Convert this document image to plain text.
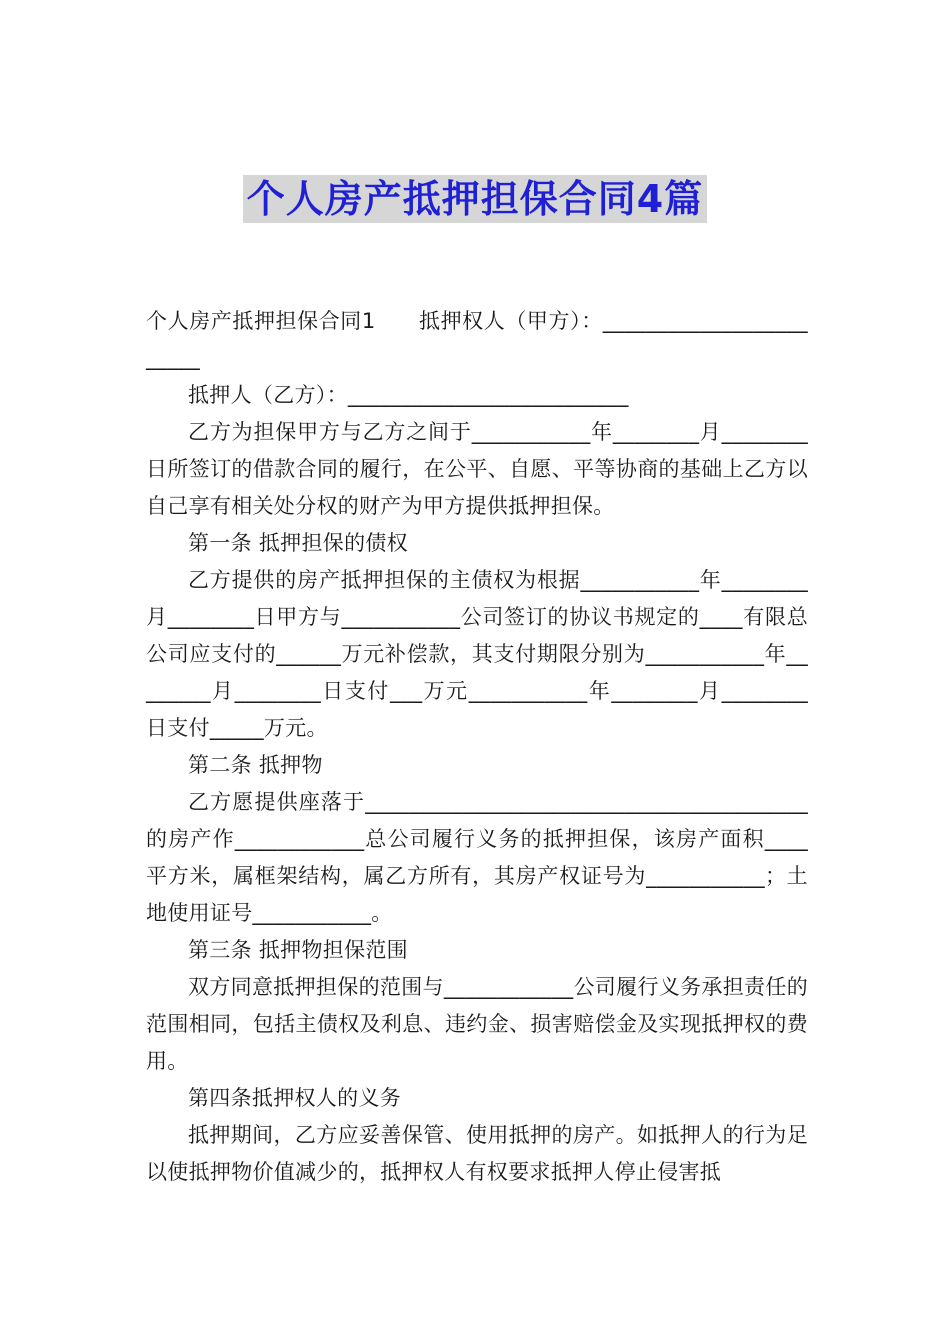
个人房产抵押担保合同4篇

个人房产抵押担保合同1　　抵押权人（甲方）：________________________

抵押人（乙方）：__________________________

乙方为担保甲方与乙方之间于___________年________月________日所签订的借款合同的履行，在公平、自愿、平等协商的基础上乙方以自己享有相关处分权的财产为甲方提供抵押担保。

第一条 抵押担保的债权

乙方提供的房产抵押担保的主债权为根据___________年________月________日甲方与___________公司签订的协议书规定的____有限总公司应支付的______万元补偿款，其支付期限分别为___________年________月________日支付___万元___________年________月________日支付_____万元。

第二条 抵押物

乙方愿提供座落于_________________________________________的房产作____________总公司履行义务的抵押担保，该房产面积____平方米，属框架结构，属乙方所有，其房产权证号为___________；土地使用证号___________。

第三条 抵押物担保范围

双方同意抵押担保的范围与____________公司履行义务承担责任的范围相同，包括主债权及利息、违约金、损害赔偿金及实现抵押权的费用。

第四条抵押权人的义务

抵押期间，乙方应妥善保管、使用抵押的房产。如抵押人的行为足以使抵押物价值减少的，抵押权人有权要求抵押人停止侵害抵
